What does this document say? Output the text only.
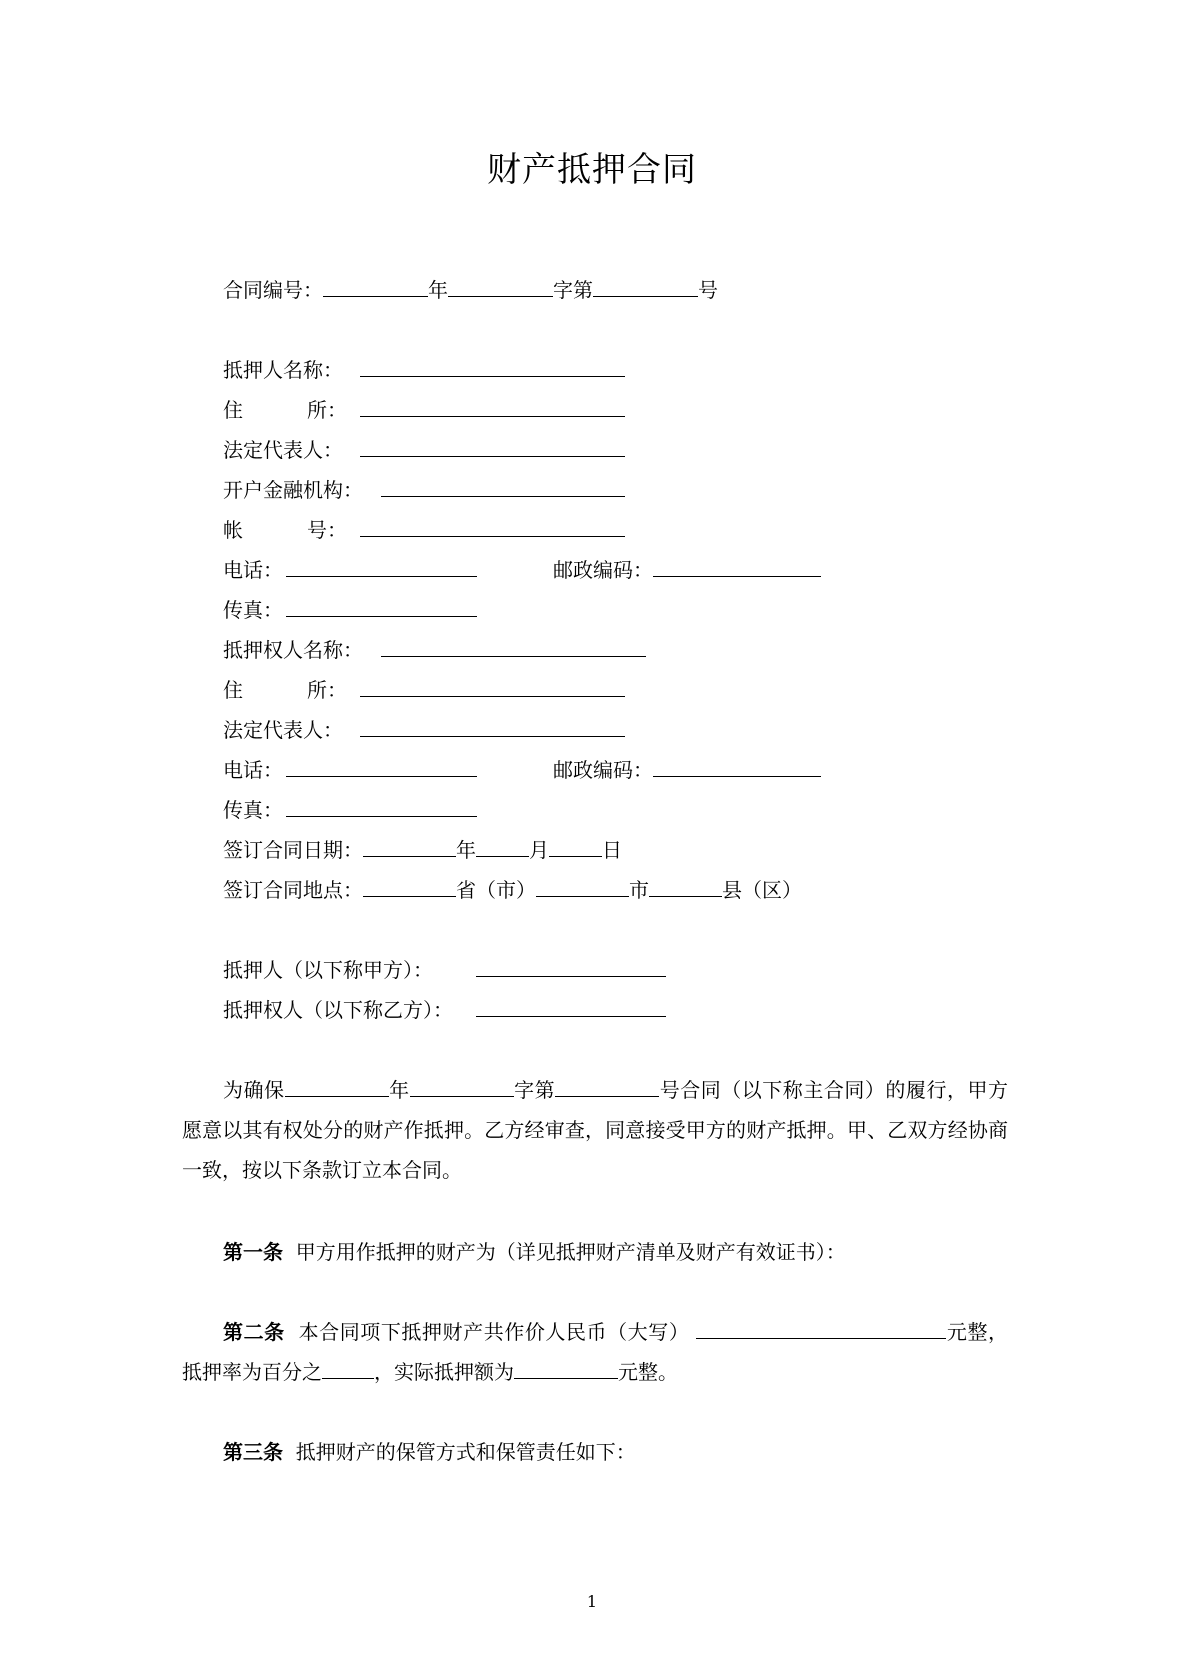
财产抵押合同
合同编号：	年	字第	号
抵押人名称：
住	所：
法定代表人：
开户金融机构：
帐	号：
电话：	邮政编码：
传真：
抵押权人名称：
住	所：
法定代表人：
电话：	邮政编码：
传真：
签订合同日期：	年	月	日
签订合同地点：	省（市）	市	县（区）
抵押人（以下称甲方）：
抵押权人（以下称乙方）：
为确保	年	字第	号合同（以下称主合同）的履行，甲方愿意以其有权处分的财产作抵押。乙方经审查，同意接受甲方的财产抵押。甲、乙双方经协商一致，按以下条款订立本合同。
第一条 甲方用作抵押的财产为（详见抵押财产清单及财产有效证书）：
第二条 本合同项下抵押财产共作价人民币（大写）	元整，抵押率为百分之	，实际抵押额为	元整。
第三条 抵押财产的保管方式和保管责任如下：
1
